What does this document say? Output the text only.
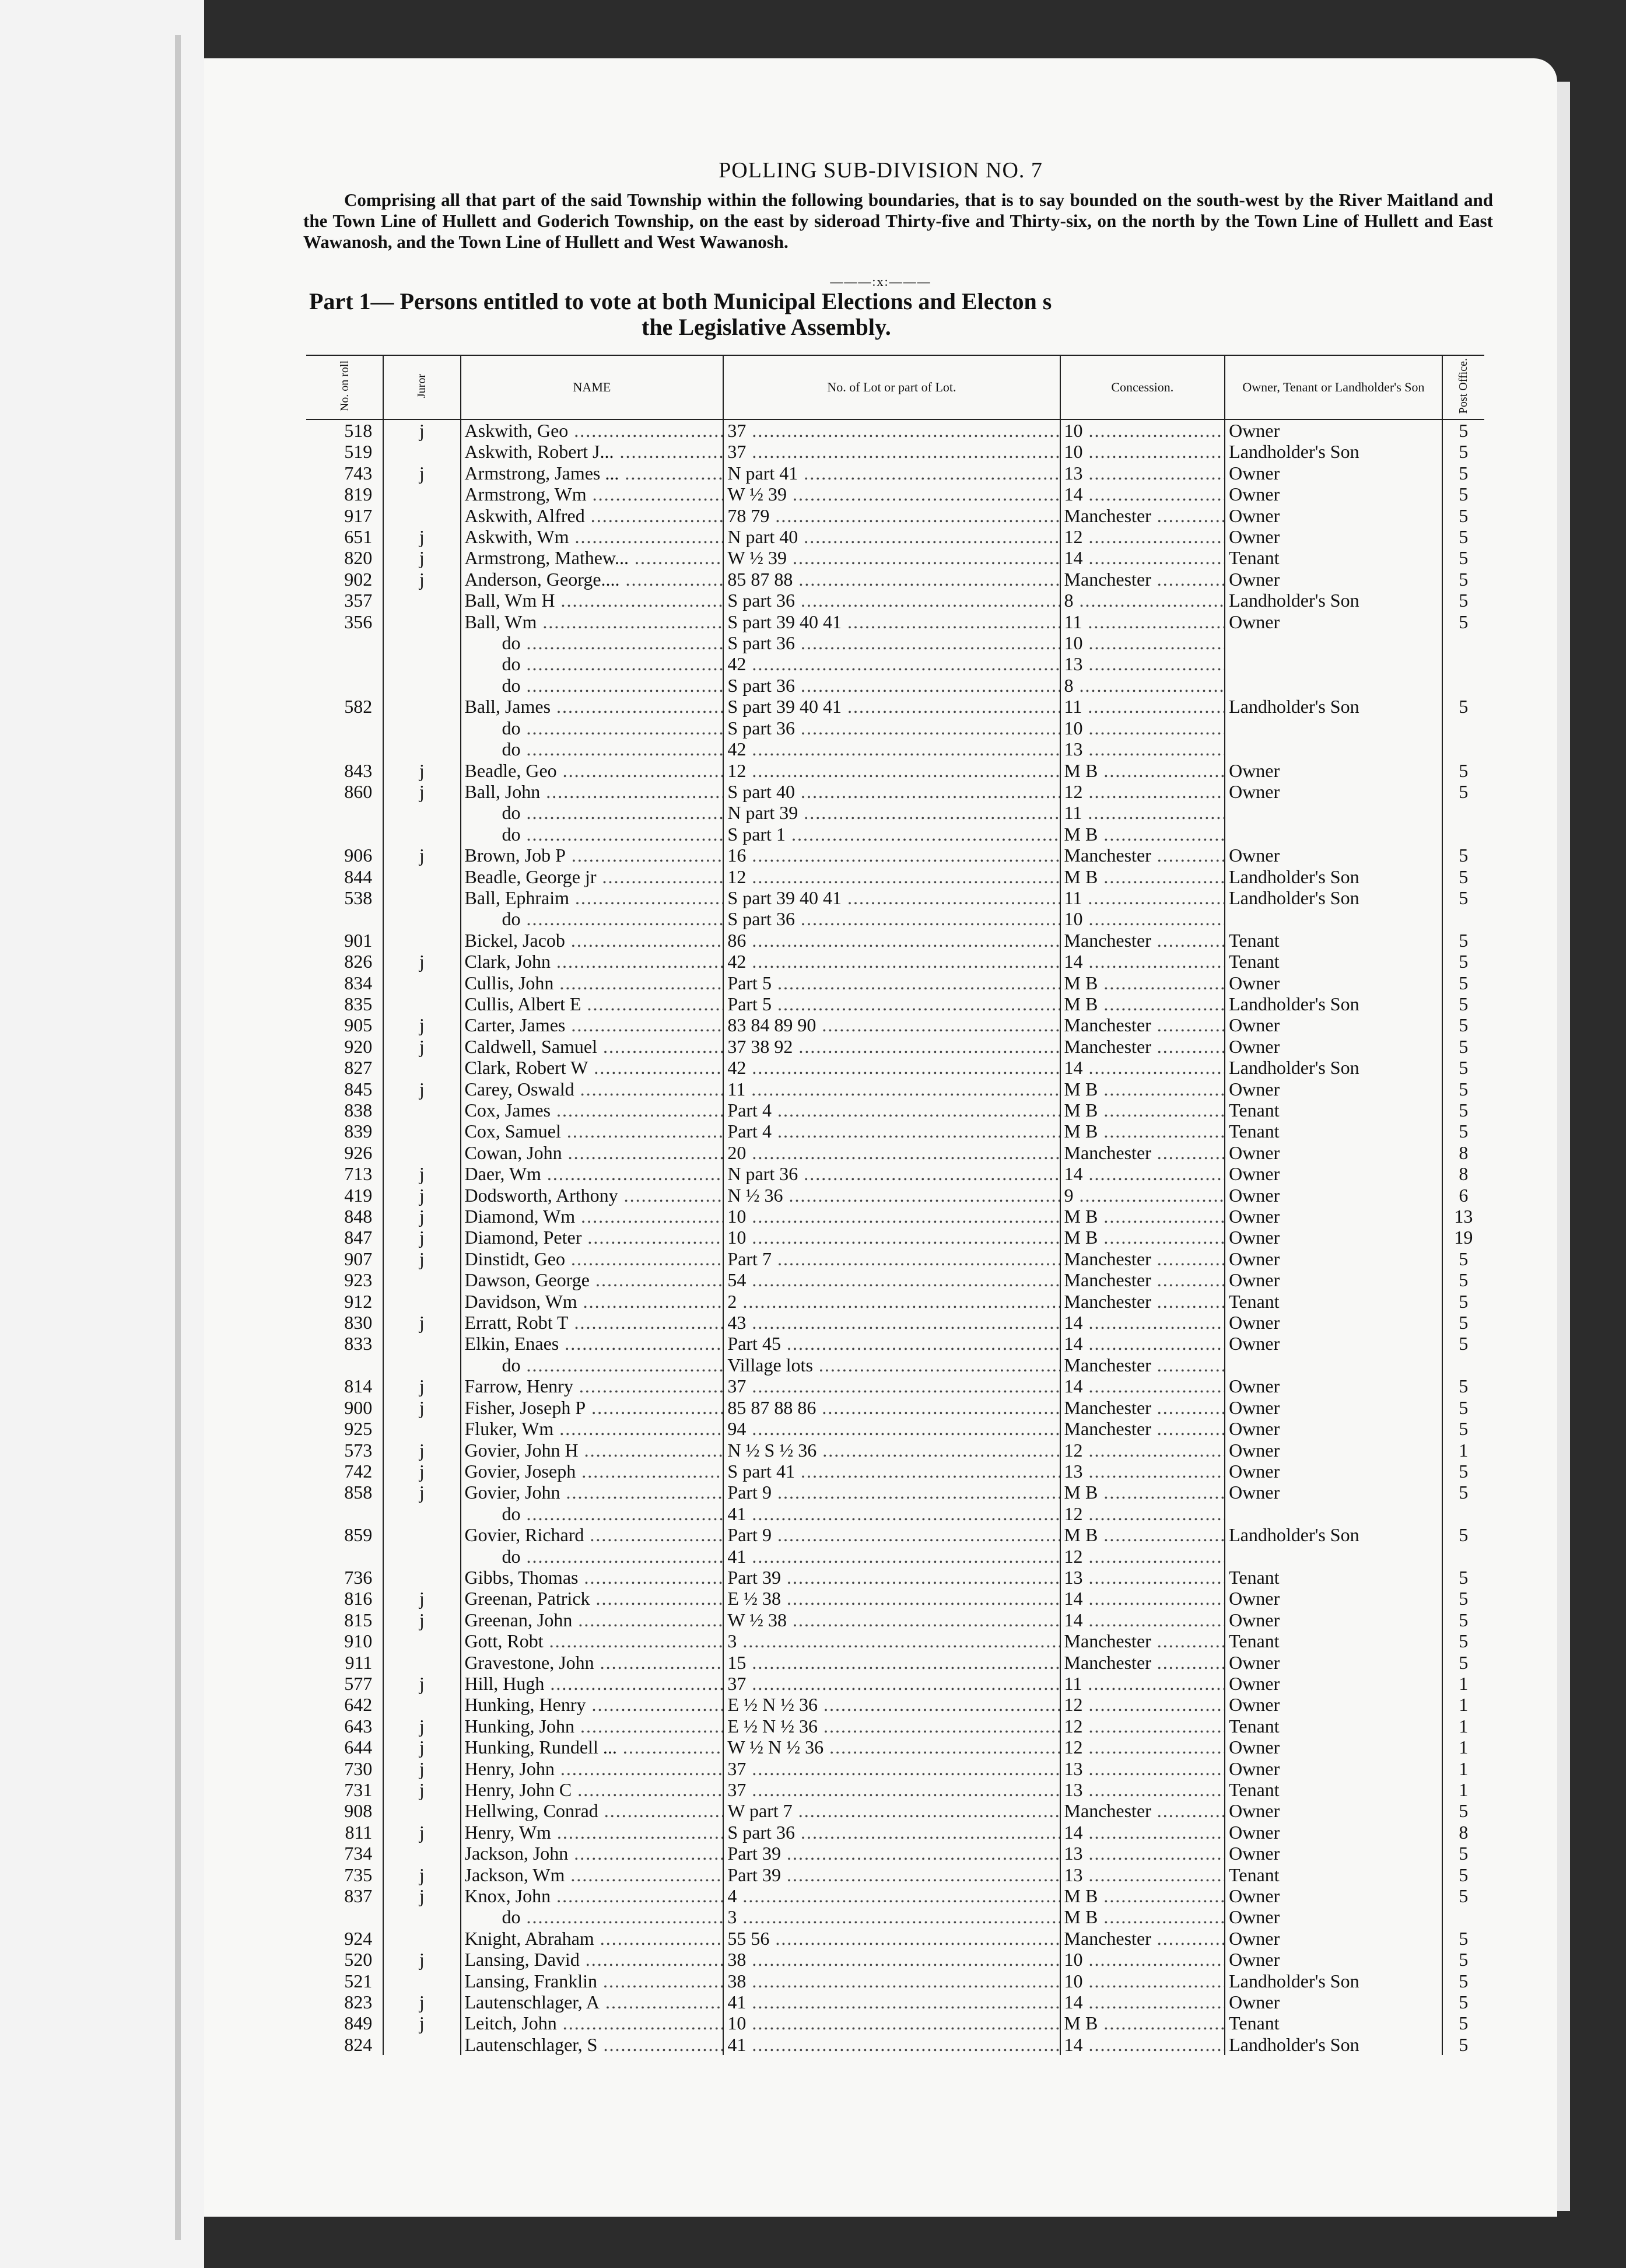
POLLING SUB-DIVISION NO. 7
Comprising all that part of the said Township within the following boundaries, that is to say bounded on the south-west by the River Maitland and the Town Line of Hullett and Goderich Township, on the east by sideroad Thirty-five and Thirty-six, on the north by the Town Line of Hullett and East Wawanosh, and the Town Line of Hullett and West Wawanosh.
———:x:———
Part 1— Persons entitled to vote at both Municipal Elections and Electon s
the Legislative Assembly.
No. on roll	Juror	NAME	No. of Lot or part of Lot.	Concession.	Owner, Tenant or Landholder's Son	Post Office.
518	j	Askwith, Geo .....	37 .....	10 .....	Owner	5
519		Askwith, Robert J... .....	37 .....	10 .....	Landholder's Son	5
743	j	Armstrong, James ... .....	N part 41 .....	13 .....	Owner	5
819		Armstrong, Wm .....	W ½ 39 .....	14 .....	Owner	5
917		Askwith, Alfred .....	78 79 .....	Manchester .....	Owner	5
651	j	Askwith, Wm .....	N part 40 .....	12 .....	Owner	5
820	j	Armstrong, Mathew... .....	W ½ 39 .....	14 .....	Tenant	5
902	j	Anderson, George.... .....	85 87 88 .....	Manchester .....	Owner	5
357		Ball, Wm H .....	S part 36 .....	8 .....	Landholder's Son	5
356		Ball, Wm .....	S part 39 40 41 .....	11 .....	Owner	5
		do .....	S part 36 .....	10 .....		
		do .....	42 .....	13 .....		
		do .....	S part 36 .....	8 .....		
582		Ball, James .....	S part 39 40 41 .....	11 .....	Landholder's Son	5
		do .....	S part 36 .....	10 .....		
		do .....	42 .....	13 .....		
843	j	Beadle, Geo .....	12 .....	M B .....	Owner	5
860	j	Ball, John .....	S part 40 .....	12 .....	Owner	5
		do .....	N part 39 .....	11 .....		
		do .....	S part 1 .....	M B .....		
906	j	Brown, Job P .....	16 .....	Manchester .....	Owner	5
844		Beadle, George jr .....	12 .....	M B .....	Landholder's Son	5
538		Ball, Ephraim .....	S part 39 40 41 .....	11 .....	Landholder's Son	5
		do .....	S part 36 .....	10 .....		
901		Bickel, Jacob .....	86 .....	Manchester .....	Tenant	5
826	j	Clark, John .....	42 .....	14 .....	Tenant	5
834		Cullis, John .....	Part 5 .....	M B .....	Owner	5
835		Cullis, Albert E .....	Part 5 .....	M B .....	Landholder's Son	5
905	j	Carter, James .....	83 84 89 90 .....	Manchester .....	Owner	5
920	j	Caldwell, Samuel .....	37 38 92 .....	Manchester .....	Owner	5
827		Clark, Robert W .....	42 .....	14 .....	Landholder's Son	5
845	j	Carey, Oswald .....	11 .....	M B .....	Owner	5
838		Cox, James .....	Part 4 .....	M B .....	Tenant	5
839		Cox, Samuel .....	Part 4 .....	M B .....	Tenant	5
926		Cowan, John .....	20 .....	Manchester .....	Owner	8
713	j	Daer, Wm .....	N part 36 .....	14 .....	Owner	8
419	j	Dodsworth, Arthony .....	N ½ 36 .....	9 .....	Owner	6
848	j	Diamond, Wm .....	10 .....	M B .....	Owner	13
847	j	Diamond, Peter .....	10 .....	M B .....	Owner	19
907	j	Dinstidt, Geo .....	Part 7 .....	Manchester .....	Owner	5
923		Dawson, George .....	54 .....	Manchester .....	Owner	5
912		Davidson, Wm .....	2 .....	Manchester .....	Tenant	5
830	j	Erratt, Robt T .....	43 .....	14 .....	Owner	5
833		Elkin, Enaes .....	Part 45 .....	14 .....	Owner	5
		do .....	Village lots .....	Manchester .....		
814	j	Farrow, Henry .....	37 .....	14 .....	Owner	5
900	j	Fisher, Joseph P .....	85 87 88 86 .....	Manchester .....	Owner	5
925		Fluker, Wm .....	94 .....	Manchester .....	Owner	5
573	j	Govier, John H .....	N ½ S ½ 36 .....	12 .....	Owner	1
742	j	Govier, Joseph .....	S part 41 .....	13 .....	Owner	5
858	j	Govier, John .....	Part 9 .....	M B .....	Owner	5
		do .....	41 .....	12 .....		
859		Govier, Richard .....	Part 9 .....	M B .....	Landholder's Son	5
		do .....	41 .....	12 .....		
736		Gibbs, Thomas .....	Part 39 .....	13 .....	Tenant	5
816	j	Greenan, Patrick .....	E ½ 38 .....	14 .....	Owner	5
815	j	Greenan, John .....	W ½ 38 .....	14 .....	Owner	5
910		Gott, Robt .....	3 .....	Manchester .....	Tenant	5
911		Gravestone, John .....	15 .....	Manchester .....	Owner	5
577	j	Hill, Hugh .....	37 .....	11 .....	Owner	1
642		Hunking, Henry .....	E ½ N ½ 36 .....	12 .....	Owner	1
643	j	Hunking, John .....	E ½ N ½ 36 .....	12 .....	Tenant	1
644	j	Hunking, Rundell ... .....	W ½ N ½ 36 .....	12 .....	Owner	1
730	j	Henry, John .....	37 .....	13 .....	Owner	1
731	j	Henry, John C .....	37 .....	13 .....	Tenant	1
908		Hellwing, Conrad .....	W part 7 .....	Manchester .....	Owner	5
811	j	Henry, Wm .....	S part 36 .....	14 .....	Owner	8
734		Jackson, John .....	Part 39 .....	13 .....	Owner	5
735	j	Jackson, Wm .....	Part 39 .....	13 .....	Tenant	5
837	j	Knox, John .....	4 .....	M B .....	Owner	5
		do .....	3 .....	M B .....	Owner	
924		Knight, Abraham .....	55 56 .....	Manchester .....	Owner	5
520	j	Lansing, David .....	38 .....	10 .....	Owner	5
521		Lansing, Franklin .....	38 .....	10 .....	Landholder's Son	5
823	j	Lautenschlager, A .....	41 .....	14 .....	Owner	5
849	j	Leitch, John .....	10 .....	M B .....	Tenant	5
824		Lautenschlager, S .....	41 .....	14 .....	Landholder's Son	5
